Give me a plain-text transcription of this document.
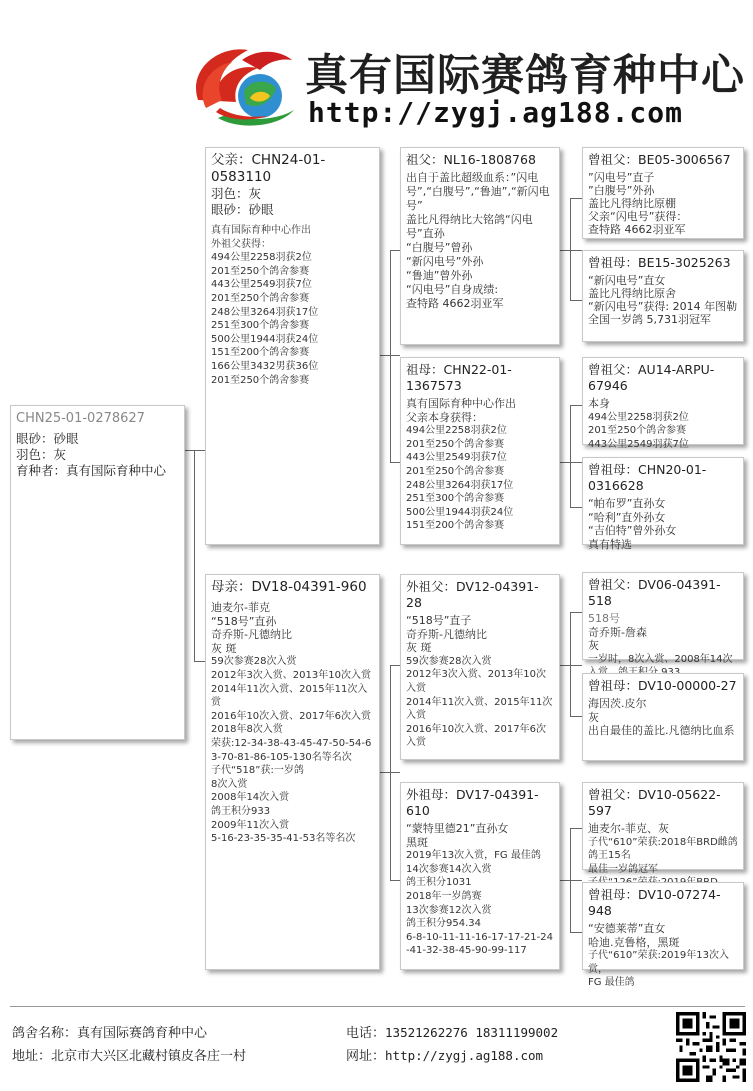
真有国际赛鸽育种中心
http://zygj.ag188.com
CHN25-01-0278627
眼砂：砂眼
羽色：灰
育种者：真有国际育种中心
父亲：CHN24-01-0583110
羽色：灰
眼砂：砂眼
真有国际育种中心作出
外祖父获得：
494公里2258羽获2位
201至250个鸽舍参赛
443公里2549羽获7位
201至250个鸽舍参赛
248公里3264羽获17位
251至300个鸽舍参赛
500公里1944羽获24位
151至200个鸽舍参赛
166公里3432男获36位
201至250个鸽舍参赛
母亲：DV18-04391-960
迪麦尔-菲克
“518号”直孙
奇乔斯-凡德纳比
灰 斑
59次参赛28次入赏
2012年3次入赏、2013年10次入赏
2014年11次入赏、2015年11次入赏
2016年10次入赏、2017年6次入赏
2018年8次入赏
荣获:12-34-38-43-45-47-50-54-63-70-81-86-105-130名等名次
子代“518”获:一岁鸽
8次入赏
2008年14次入赏
鸽王积分933
2009年11次入赏
5-16-23-35-35-41-53名等名次
祖父：NL16-1808768
出自于盖比超级血系：”闪电号”,“白腹号”,“鲁迪”,“新闪电号”
盖比凡得纳比大铭鸽“闪电号”直孙
“白腹号”曾孙
“新闪电号”外孙
“鲁迪”曾外孙
“闪电号”自身成绩:
查特路 4662羽亚军
祖母：CHN22-01-1367573
真有国际育种中心作出
父亲本身获得：
494公里2258羽获2位
201至250个鸽舍参赛
443公里2549羽获7位
201至250个鸽舍参赛
248公里3264羽获17位
251至300个鸽舍参赛
500公里1944羽获24位
151至200个鸽舍参赛
外祖父：DV12-04391-28
“518号”直子
奇乔斯-凡德纳比
灰 斑
59次参赛28次入赏
2012年3次入赏、2013年10次入赏
2014年11次入赏、2015年11次入赏
2016年10次入赏、2017年6次入赏
外祖母：DV17-04391-610
“蒙特里德21”直孙女
黑斑
2019年13次入赏，FG 最佳鸽
14次参赛14次入赏
鸽王积分1031
2018年一岁鸽赛
13次参赛12次入赏
鸽王积分954.34
6-8-10-11-11-16-17-17-21-24-41-32-38-45-90-99-117
曾祖父：BE05-3006567
”闪电号”直子
”白腹号”外孙
盖比凡得纳比原棚
父亲“闪电号”获得：
查特路 4662羽亚军
曾祖母：BE15-3025263
“新闪电号”直女
盖比凡得纳比原舍
“新闪电号”获得: 2014 年图勒全国一岁鸽 5,731羽冠军
曾祖父：AU14-ARPU-67946
本身
494公里2258羽获2位
201至250个鸽舍参赛
443公里2549羽获7位
曾祖母：CHN20-01-0316628
“帕布罗”直孙女
“哈利”直外孙女
“吉伯特”曾外孙女
真有特选
曾祖父：DV06-04391-518
518号
奇乔斯-詹森
灰
一岁时，8次入赏、2008年14次
曾祖母：DV10-00000-27
海因茨.皮尔
灰
出自最佳的盖比.凡德纳比血系
曾祖父：DV10-05622-597
迪麦尔-菲克、灰
子代“610”荣获:2018年BRD雌鸽鸽王15名
最佳一岁鸽冠军
曾祖母：DV10-07274-948
“安德莱蒂”直女
哈迪.克鲁格，黑斑
子代“610”荣获:2019年13次入赏，
FG 最佳鸽
鸽舍名称：真有国际赛鸽育种中心
地址：北京市大兴区北藏村镇皮各庄一村
电话：13521262276 18311199002
网址：http://zygj.ag188.com
